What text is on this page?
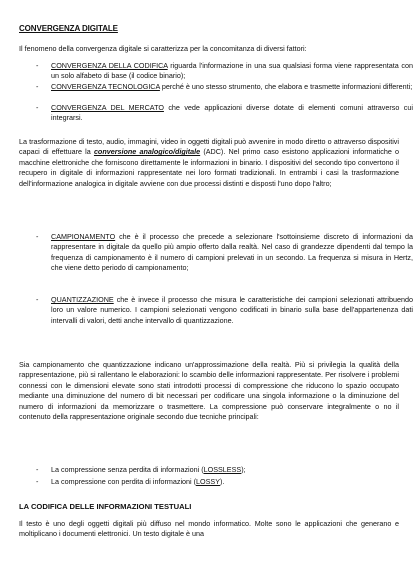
CONVERGENZA DIGITALE
Il fenomeno della convergenza digitale si caratterizza per la concomitanza di diversi fattori:
- CONVERGENZA DELLA CODIFICA riguarda l'informazione in una sua qualsiasi forma viene rappresentata con un solo alfabeto di base (il codice binario);
- CONVERGENZA TECNOLOGICA perché è uno stesso strumento, che elabora e trasmette informazioni differenti;
- CONVERGENZA DEL MERCATO che vede applicazioni diverse dotate di elementi comuni attraverso cui integrarsi.
La trasformazione di testo, audio, immagini, video in oggetti digitali può avvenire in modo diretto o attraverso dispositivi capaci di effettuare la conversione analogico/digitale (ADC). Nel primo caso esistono applicazioni informatiche o macchine elettroniche che forniscono direttamente le informazioni in binario. I dispositivi del secondo tipo convertono il recupero in digitale di informazioni rappresentate nei loro formati tradizionali. In entrambi i casi la trasformazione dell'informazione analogica in digitale avviene con due processi distinti e disposti l'uno dopo l'altro;
- CAMPIONAMENTO che è il processo che precede a selezionare l'sottoinsieme discreto di informazioni da rappresentare in digitale da quello più ampio offerto dalla realtà. Nel caso di grandezze dipendenti dal tempo la frequenza di campionamento è il numero di campioni prelevati in un secondo. La frequenza si misura in Hertz, che viene detto periodo di campionamento;
- QUANTIZZAZIONE che è invece il processo che misura le caratteristiche dei campioni selezionati attribuendo loro un valore numerico. I campioni selezionati vengono codificati in binario sulla base dell'appartenenza dati intervalli di valori, detti anche intervallo di quantizzazione.
Sia campionamento che quantizzazione indicano un'approssimazione della realtà. Più si privilegia la qualità della rappresentazione, più si rallentano le elaborazioni: lo scambio delle informazioni rappresentate. Per risolvere i problemi connessi con le dimensioni elevate sono stati introdotti processi di compressione che riducono lo spazio occupato mediante una diminuzione del numero di bit necessari per codificare una singola informazione o la diminuzione del numero di informazioni da memorizzare o trasmettere. La compressione può conservare integralmente o no il contenuto della rappresentazione originale secondo due tecniche principali:
- La compressione senza perdita di informazioni (LOSSLESS);
- La compressione con perdita di informazioni (LOSSY).
LA CODIFICA DELLE INFORMAZIONI TESTUALI
Il testo è uno degli oggetti digitali più diffuso nel mondo informatico. Molte sono le applicazioni che generano e moltiplicano i documenti elettronici. Un testo digitale è una
